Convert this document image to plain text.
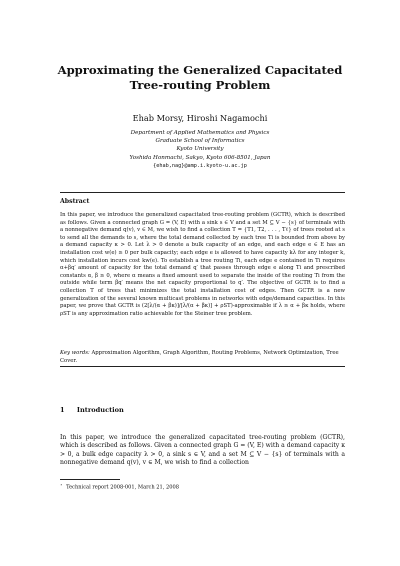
Approximating the Generalized Capacitated Tree-routing Problem
Ehab Morsy, Hiroshi Nagamochi
Department of Applied Mathematics and Physics
Graduate School of Informatics
Kyoto University
Yoshida Honmachi, Sakyo, Kyoto 606-8501, Japan
{ehab,nag}@amp.i.kyoto-u.ac.jp
Abstract
In this paper, we introduce the generalized capacitated tree-routing problem (GCTR), which is described as follows. Given a connected graph G = (V, E) with a sink s ∈ V and a set M ⊆ V − {s} of terminals with a nonnegative demand q(v), v ∈ M, we wish to find a collection T = {T1, T2, . . . , Tℓ} of trees rooted at s to send all the demands to s, where the total demand collected by each tree Ti is bounded from above by a demand capacity κ > 0. Let λ > 0 denote a bulk capacity of an edge, and each edge e ∈ E has an installation cost w(e) ≥ 0 per bulk capacity; each edge e is allowed to have capacity kλ for any integer k, which installation incurs cost kw(e). To establish a tree routing Ti, each edge e contained in Ti requires α+βq′ amount of capacity for the total demand q′ that passes through edge e along Ti and prescribed constants α, β ≥ 0, where α means a fixed amount used to separate the inside of the routing Ti from the outside while term βq′ means the net capacity proportional to q′. The objective of GCTR is to find a collection T of trees that minimizes the total installation cost of edges. Then GCTR is a new generalization of the several known multicast problems in networks with edge/demand capacities. In this paper, we prove that GCTR is (2[λ/(α + βκ)]/[λ/(α + βκ)] + ρST)-approximable if λ ≥ α + βκ holds, where ρST is any approximation ratio achievable for the Steiner tree problem.
Key words: Approximation Algorithm, Graph Algorithm, Routing Problems, Network Optimization, Tree Cover.
1 Introduction
In this paper, we introduce the generalized capacitated tree-routing problem (GCTR), which is described as follows. Given a connected graph G = (V, E) with a demand capacity κ > 0, a bulk edge capacity λ > 0, a sink s ∈ V, and a set M ⊆ V − {s} of terminals with a nonnegative demand q(v), v ∈ M, we wish to find a collection
⋆ Technical report 2008-001, March 21, 2008
